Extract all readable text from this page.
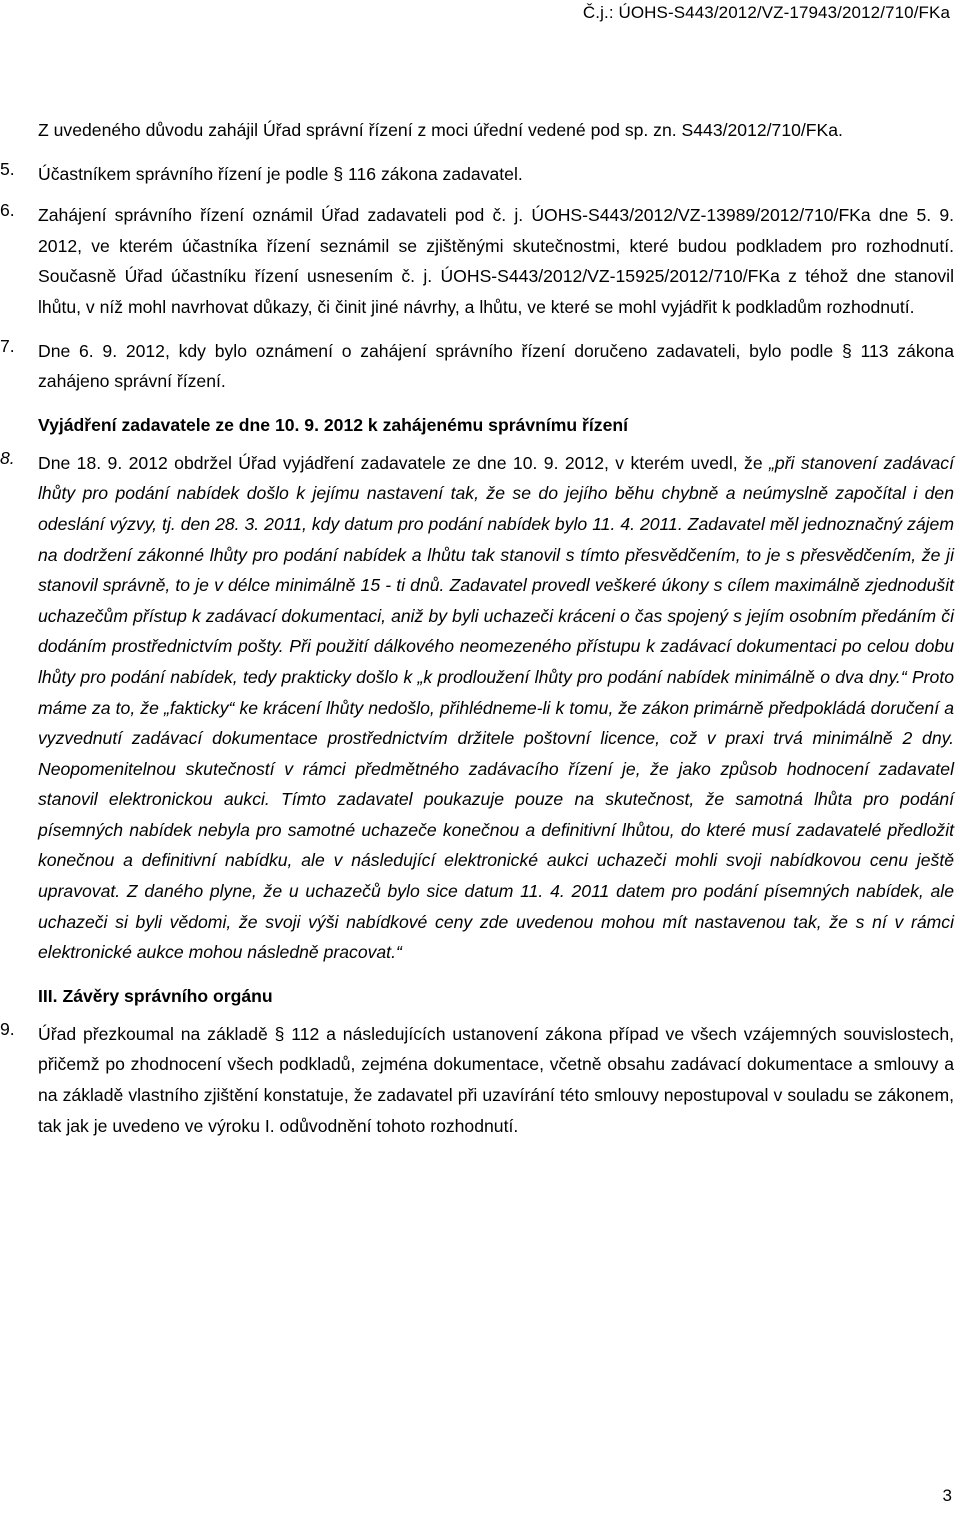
Č.j.: ÚOHS-S443/2012/VZ-17943/2012/710/FKa

Z uvedeného důvodu zahájil Úřad správní řízení z moci úřední vedené pod sp. zn. S443/2012/710/FKa.

5.	Účastníkem správního řízení je podle § 116 zákona zadavatel.

6.	Zahájení správního řízení oznámil Úřad zadavateli pod č. j. ÚOHS-S443/2012/VZ-13989/2012/710/FKa dne 5. 9. 2012, ve kterém účastníka řízení seznámil se zjištěnými skutečnostmi, které budou podkladem pro rozhodnutí. Současně Úřad účastníku řízení usnesením č. j. ÚOHS-S443/2012/VZ-15925/2012/710/FKa z téhož dne stanovil lhůtu, v níž mohl navrhovat důkazy, či činit jiné návrhy, a lhůtu, ve které se mohl vyjádřit k podkladům rozhodnutí.

7.	Dne 6. 9. 2012, kdy bylo oznámení o zahájení správního řízení doručeno zadavateli, bylo podle § 113 zákona zahájeno správní řízení.

Vyjádření zadavatele ze dne 10. 9. 2012 k zahájenému správnímu řízení

8.	Dne 18. 9. 2012 obdržel Úřad vyjádření zadavatele ze dne 10. 9. 2012, v kterém uvedl, že „při stanovení zadávací lhůty pro podání nabídek došlo k jejímu nastavení tak, že se do jejího běhu chybně a neúmyslně započítal i den odeslání výzvy, tj. den 28. 3. 2011, kdy datum pro podání nabídek bylo 11. 4. 2011. Zadavatel měl jednoznačný zájem na dodržení zákonné lhůty pro podání nabídek a lhůtu tak stanovil s tímto přesvědčením, to je s přesvědčením, že ji stanovil správně, to je v délce minimálně 15 - ti dnů. Zadavatel provedl veškeré úkony s cílem maximálně zjednodušit uchazečům přístup k zadávací dokumentaci, aniž by byli uchazeči kráceni o čas spojený s jejím osobním předáním či dodáním prostřednictvím pošty. Při použití dálkového neomezeného přístupu k zadávací dokumentaci po celou dobu lhůty pro podání nabídek, tedy prakticky došlo k „k prodloužení lhůty pro podání nabídek minimálně o dva dny.“ Proto máme za to, že „fakticky“ ke krácení lhůty nedošlo, přihlédneme-li k tomu, že zákon primárně předpokládá doručení a vyzvednutí zadávací dokumentace prostřednictvím držitele poštovní licence, což v praxi trvá minimálně 2 dny. Neopomenitelnou skutečností v rámci předmětného zadávacího řízení je, že jako způsob hodnocení zadavatel stanovil elektronickou aukci. Tímto zadavatel poukazuje pouze na skutečnost, že samotná lhůta pro podání písemných nabídek nebyla pro samotné uchazeče konečnou a definitivní lhůtou, do které musí zadavatelé předložit konečnou a definitivní nabídku, ale v následující elektronické aukci uchazeči mohli svoji nabídkovou cenu ještě upravovat. Z daného plyne, že u uchazečů bylo sice datum 11. 4. 2011 datem pro podání písemných nabídek, ale uchazeči si byli vědomi, že svoji výši nabídkové ceny zde uvedenou mohou mít nastavenou tak, že s ní v rámci elektronické aukce mohou následně pracovat.“

III. Závěry správního orgánu

9.	Úřad přezkoumal na základě § 112 a následujících ustanovení zákona případ ve všech vzájemných souvislostech, přičemž po zhodnocení všech podkladů, zejména dokumentace, včetně obsahu zadávací dokumentace a smlouvy a na základě vlastního zjištění konstatuje, že zadavatel při uzavírání této smlouvy nepostupoval v souladu se zákonem, tak jak je uvedeno ve výroku I. odůvodnění tohoto rozhodnutí.

3
